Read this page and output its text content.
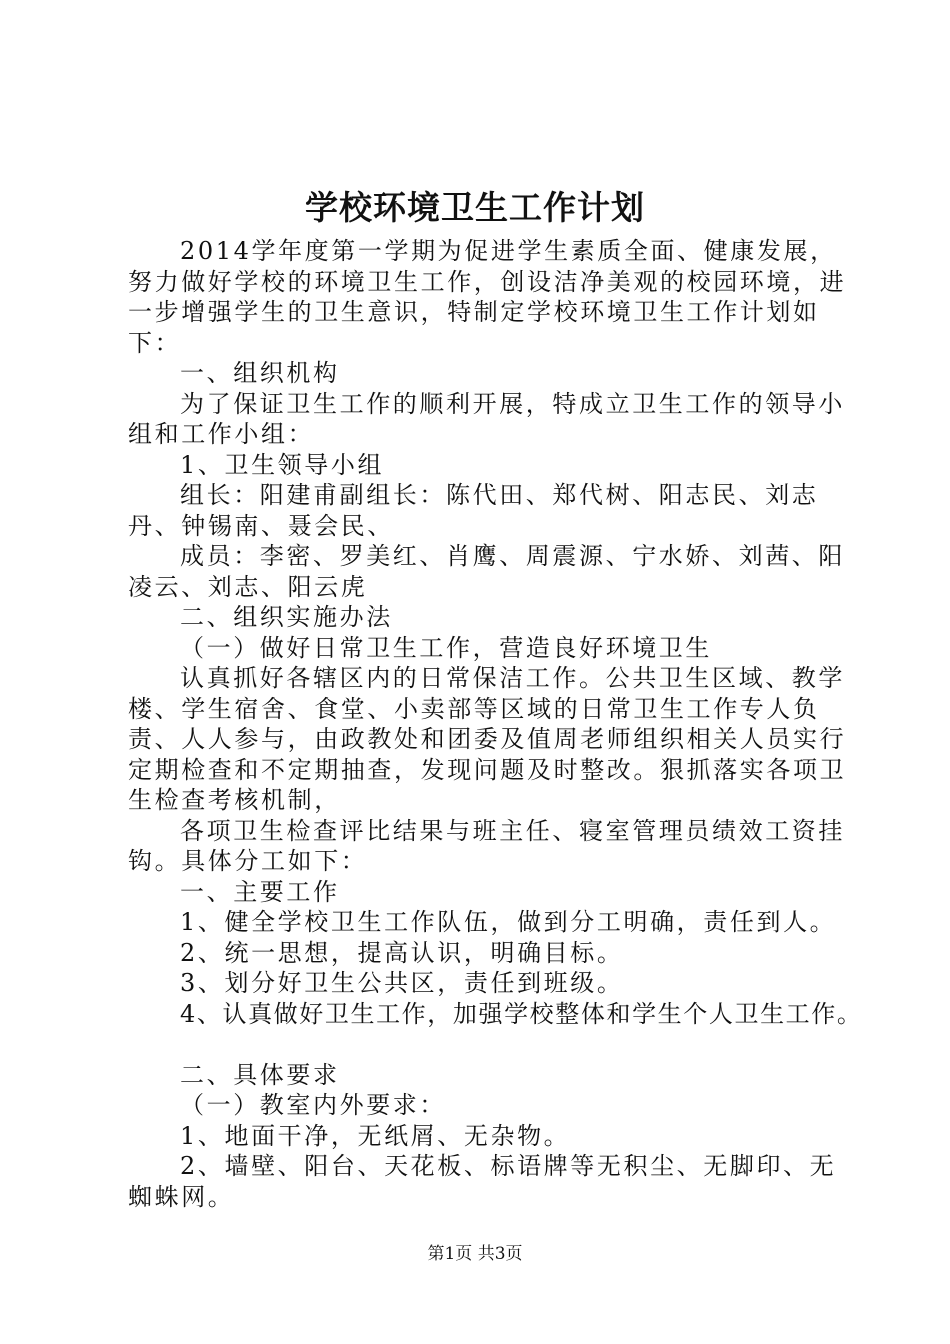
学校环境卫生工作计划

2014学年度第一学期为促进学生素质全面、健康发展，努力做好学校的环境卫生工作，创设洁净美观的校园环境，进一步增强学生的卫生意识，特制定学校环境卫生工作计划如下：

一、组织机构

为了保证卫生工作的顺利开展，特成立卫生工作的领导小组和工作小组：

1、卫生领导小组

组长：阳建甫副组长：陈代田、郑代树、阳志民、刘志丹、钟锡南、聂会民、

成员：李密、罗美红、肖鹰、周震源、宁水娇、刘茜、阳凌云、刘志、阳云虎

二、组织实施办法

（一）做好日常卫生工作，营造良好环境卫生

认真抓好各辖区内的日常保洁工作。公共卫生区域、教学楼、学生宿舍、食堂、小卖部等区域的日常卫生工作专人负责、人人参与，由政教处和团委及值周老师组织相关人员实行定期检查和不定期抽查，发现问题及时整改。狠抓落实各项卫生检查考核机制，

各项卫生检查评比结果与班主任、寝室管理员绩效工资挂钩。具体分工如下：

一、主要工作

1、健全学校卫生工作队伍，做到分工明确，责任到人。

2、统一思想，提高认识，明确目标。

3、划分好卫生公共区，责任到班级。

4、认真做好卫生工作，加强学校整体和学生个人卫生工作。

二、具体要求

（一）教室内外要求：

1、地面干净，无纸屑、无杂物。

2、墙壁、阳台、天花板、标语牌等无积尘、无脚印、无蜘蛛网。

第1页 共3页
